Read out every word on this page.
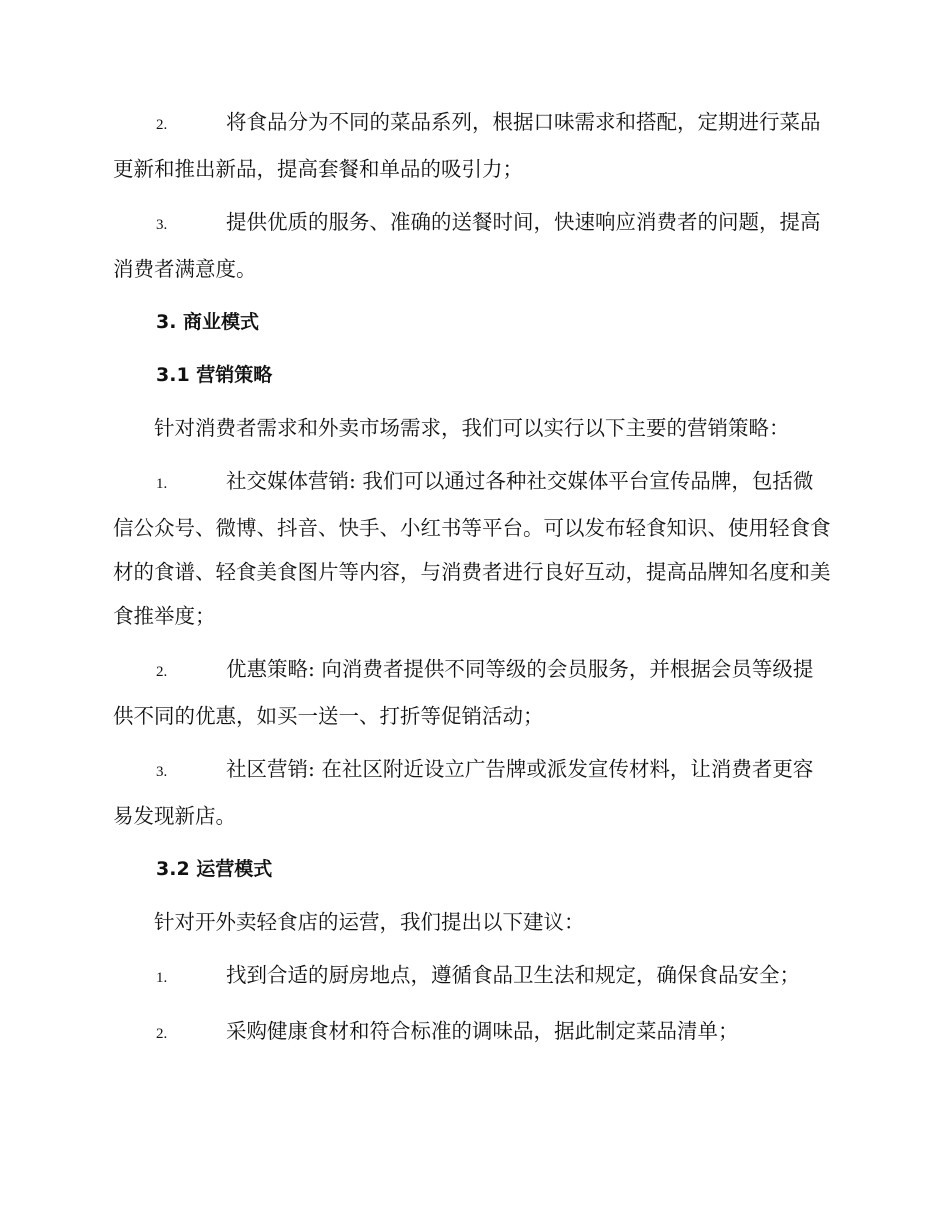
2.	将食品分为不同的菜品系列，根据口味需求和搭配，定期进行菜品更新和推出新品，提高套餐和单品的吸引力；

3.	提供优质的服务、准确的送餐时间，快速响应消费者的问题，提高消费者满意度。

3. 商业模式

3.1 营销策略

针对消费者需求和外卖市场需求，我们可以实行以下主要的营销策略：

1.	社交媒体营销: 我们可以通过各种社交媒体平台宣传品牌，包括微信公众号、微博、抖音、快手、小红书等平台。可以发布轻食知识、使用轻食食材的食谱、轻食美食图片等内容，与消费者进行良好互动，提高品牌知名度和美食推举度；

2.	优惠策略: 向消费者提供不同等级的会员服务，并根据会员等级提供不同的优惠，如买一送一、打折等促销活动；

3.	社区营销: 在社区附近设立广告牌或派发宣传材料，让消费者更容易发现新店。

3.2 运营模式

针对开外卖轻食店的运营，我们提出以下建议：

1.	找到合适的厨房地点，遵循食品卫生法和规定，确保食品安全；

2.	采购健康食材和符合标准的调味品，据此制定菜品清单；
